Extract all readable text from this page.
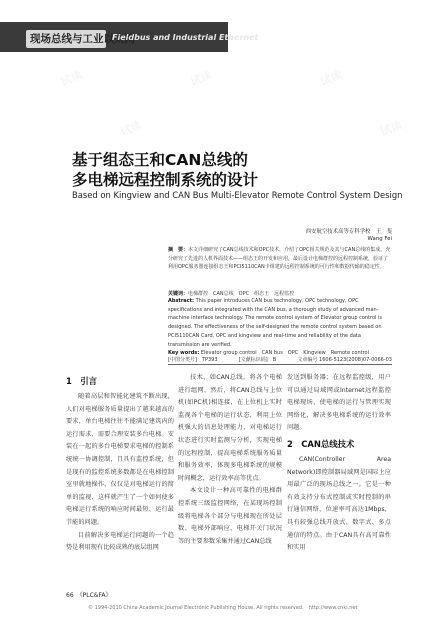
试读	试读	试读
试读	试读
现场总线与工业以太网
Fieldbus and Industrial Ethernet
基于组态王和CAN总线的
多电梯远程控制系统的设计
Based on Kingview and CAN Bus Multi-Elevator Remote Control System Design
西安航空技术高等专科学校　王　斐
Wang Fei
摘　要：本文详细研究了CAN总线技术和OPC技术，介绍了OPC相关规范及其与CAN总线的集成。充分研究了先进的人机界面技术——组态王的开发和应用，最后设计电梯群控的远程控制系统，验证了利用OPC服务器连接组态王和PCI5110CAN卡组建的远程控制系统的可行性和数据传输的稳定性。
关键词：电梯群控　CAN总线　OPC　组态王　远程监控
Abstract: This paper introduces CAN bus technology, OPC technology, OPC specifications and integrated with the CAN bus, a thorough study of advanced man-machine interface technology. The remote control system of Elevator group control is designed. The effectiveness of the self-designed the remote control system based on PCI5110CAN Card, OPC and kingview and real-time and reliability of the data transmission are verified.
Key words: Elevator group control　CAN bus　OPC　Kingview　Remote control
[中图分类号]　TP393	[文献标识码]　B	文章编号 1606-5123(2008)07-0066-03
1　引言

随着高层和智能化建筑不断出现，人们对电梯服务质量提出了越来越高的要求，单台电梯往往不能满足建筑内的运行需求，需要合理安装多台电梯。安装在一起的多台电梯要求电梯的控制系统统一协调控制，且具有监控系统，但是现有的监控系统多数都是在电梯控制室里就地操作，仅仅是对电梯运行的简单的监视，这样就产生了一个如何使多电梯运行系统的响应时间最短、运行最节能的问题。

目前解决多电梯运行问题的一个趋势是利用现有比较成熟的底层组网

技术，如CAN总线，将各个电梯进行组网，然后，将CAN总线与上位机(如PC机)相连接，在上位机上实时监视各个电梯的运行状态，利用上位机强大的信息处理能力，对电梯运行状态进行实时监测与分析，实现电梯的远程控制，提高电梯系统服务质量和服务效率，体现多电梯系统的规模时间概念，运行效率高等优点。

本文设计一种高可靠性的电梯群控系统三级监控网络，在某现场控制级将电梯各个部分与电梯现在所处层数、电梯外部响应、电梯开关门状况等的主要参数采集并通过CAN总线

发送到服务器；在远程监控级，用户可以通过局域网或Internet远程监控电梯现场，使电梯的运行与管理实现网络化，解决多电梯系统的运行效率问题。

2　CAN总线技术

CAN(Controller Area Network)即控制器局域网是国际上应用最广泛的现场总线之一。它是一种有效支持分布式控制或实时控制的串行通信网络，位速率可高达1Mbps，具有较强总线开放式、数字式、多点通信的特点。由于CAN具有高可靠性和实用

66　《PLC&FA》
© 1994-2010 China Academic Journal Electronic Publishing House. All rights reserved.　http://www.cnki.net
